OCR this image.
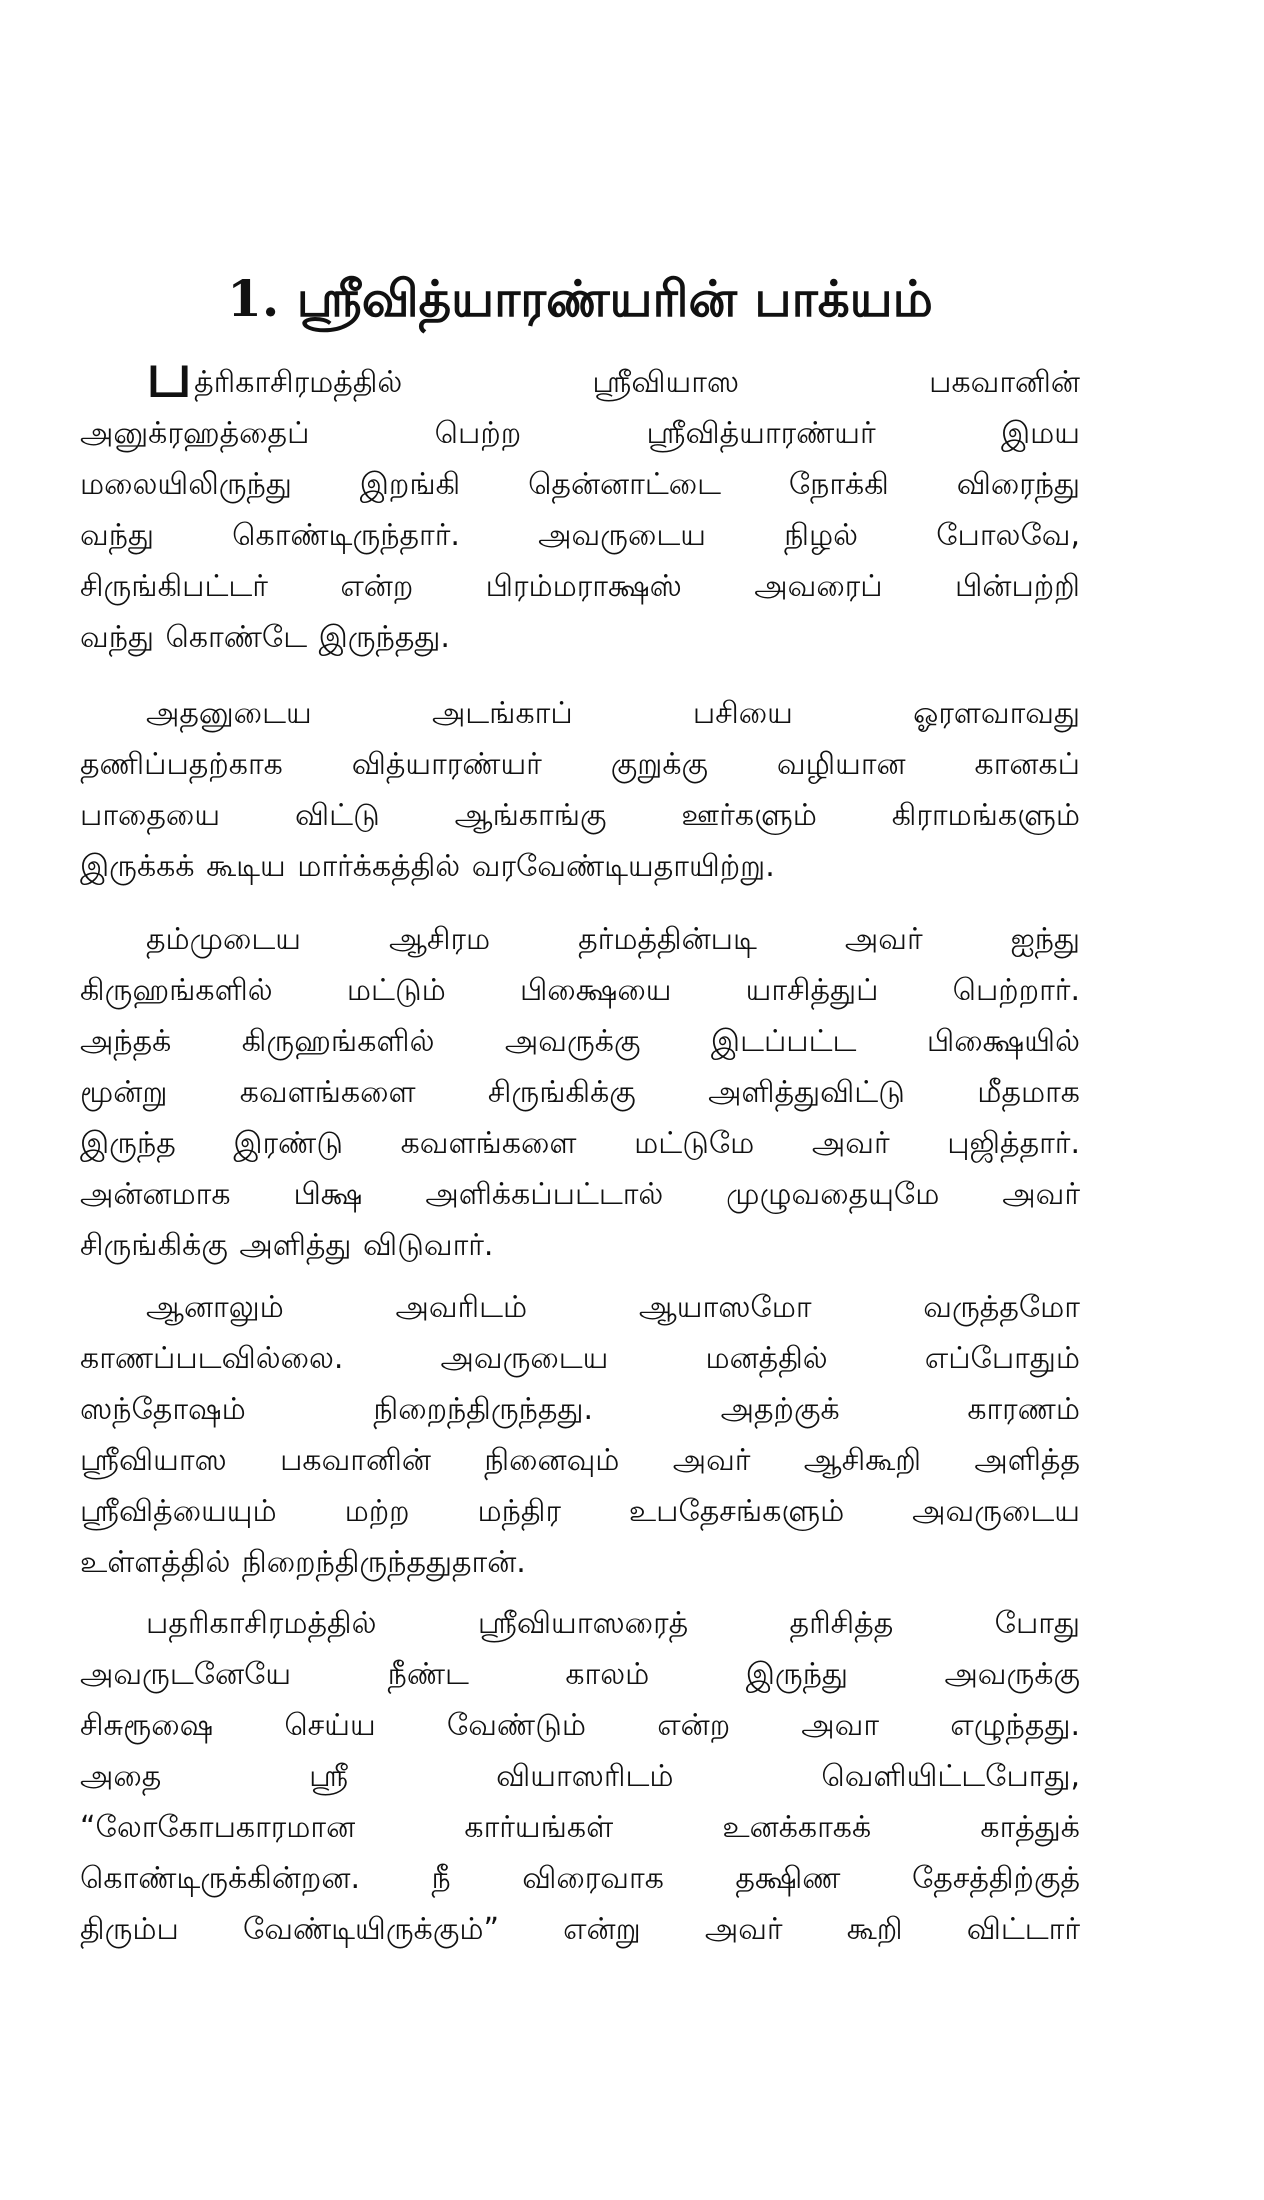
1. ஸ்ரீவித்யாரண்யரின் பாக்யம்
பத்ரிகாசிரமத்தில் ஸ்ரீவியாஸ பகவானின்
அனுக்ரஹத்தைப் பெற்ற ஸ்ரீவித்யாரண்யர் இமய
மலையிலிருந்து இறங்கி தென்னாட்டை நோக்கி விரைந்து
வந்து கொண்டிருந்தார். அவருடைய நிழல் போலவே,
சிருங்கிபட்டர் என்ற பிரம்மராக்ஷஸ் அவரைப் பின்பற்றி
வந்து கொண்டே இருந்தது.
அதனுடைய அடங்காப் பசியை ஓரளவாவது
தணிப்பதற்காக வித்யாரண்யர் குறுக்கு வழியான கானகப்
பாதையை விட்டு ஆங்காங்கு ஊர்களும் கிராமங்களும்
இருக்கக் கூடிய மார்க்கத்தில் வரவேண்டியதாயிற்று.
தம்முடைய ஆசிரம தர்மத்தின்படி அவர் ஐந்து
கிருஹங்களில் மட்டும் பிக்ஷையை யாசித்துப் பெற்றார்.
அந்தக் கிருஹங்களில் அவருக்கு இடப்பட்ட பிக்ஷையில்
மூன்று கவளங்களை சிருங்கிக்கு அளித்துவிட்டு மீதமாக
இருந்த இரண்டு கவளங்களை மட்டுமே அவர் புஜித்தார்.
அன்னமாக பிக்ஷ அளிக்கப்பட்டால் முழுவதையுமே அவர்
சிருங்கிக்கு அளித்து விடுவார்.
ஆனாலும் அவரிடம் ஆயாஸமோ வருத்தமோ
காணப்படவில்லை. அவருடைய மனத்தில் எப்போதும்
ஸந்தோஷம் நிறைந்திருந்தது. அதற்குக் காரணம்
ஸ்ரீவியாஸ பகவானின் நினைவும் அவர் ஆசிகூறி அளித்த
ஸ்ரீவித்யையும் மற்ற மந்திர உபதேசங்களும் அவருடைய
உள்ளத்தில் நிறைந்திருந்ததுதான்.
பதரிகாசிரமத்தில் ஸ்ரீவியாஸரைத் தரிசித்த போது
அவருடனேயே நீண்ட காலம் இருந்து அவருக்கு
சிசுரூஷை செய்ய வேண்டும் என்ற அவா எழுந்தது.
அதை ஸ்ரீ வியாஸரிடம் வெளியிட்டபோது,
“லோகோபகாரமான கார்யங்கள் உனக்காகக் காத்துக்
கொண்டிருக்கின்றன. நீ விரைவாக தக்ஷிண தேசத்திற்குத்
திரும்ப வேண்டியிருக்கும்” என்று அவர் கூறி விட்டார்
